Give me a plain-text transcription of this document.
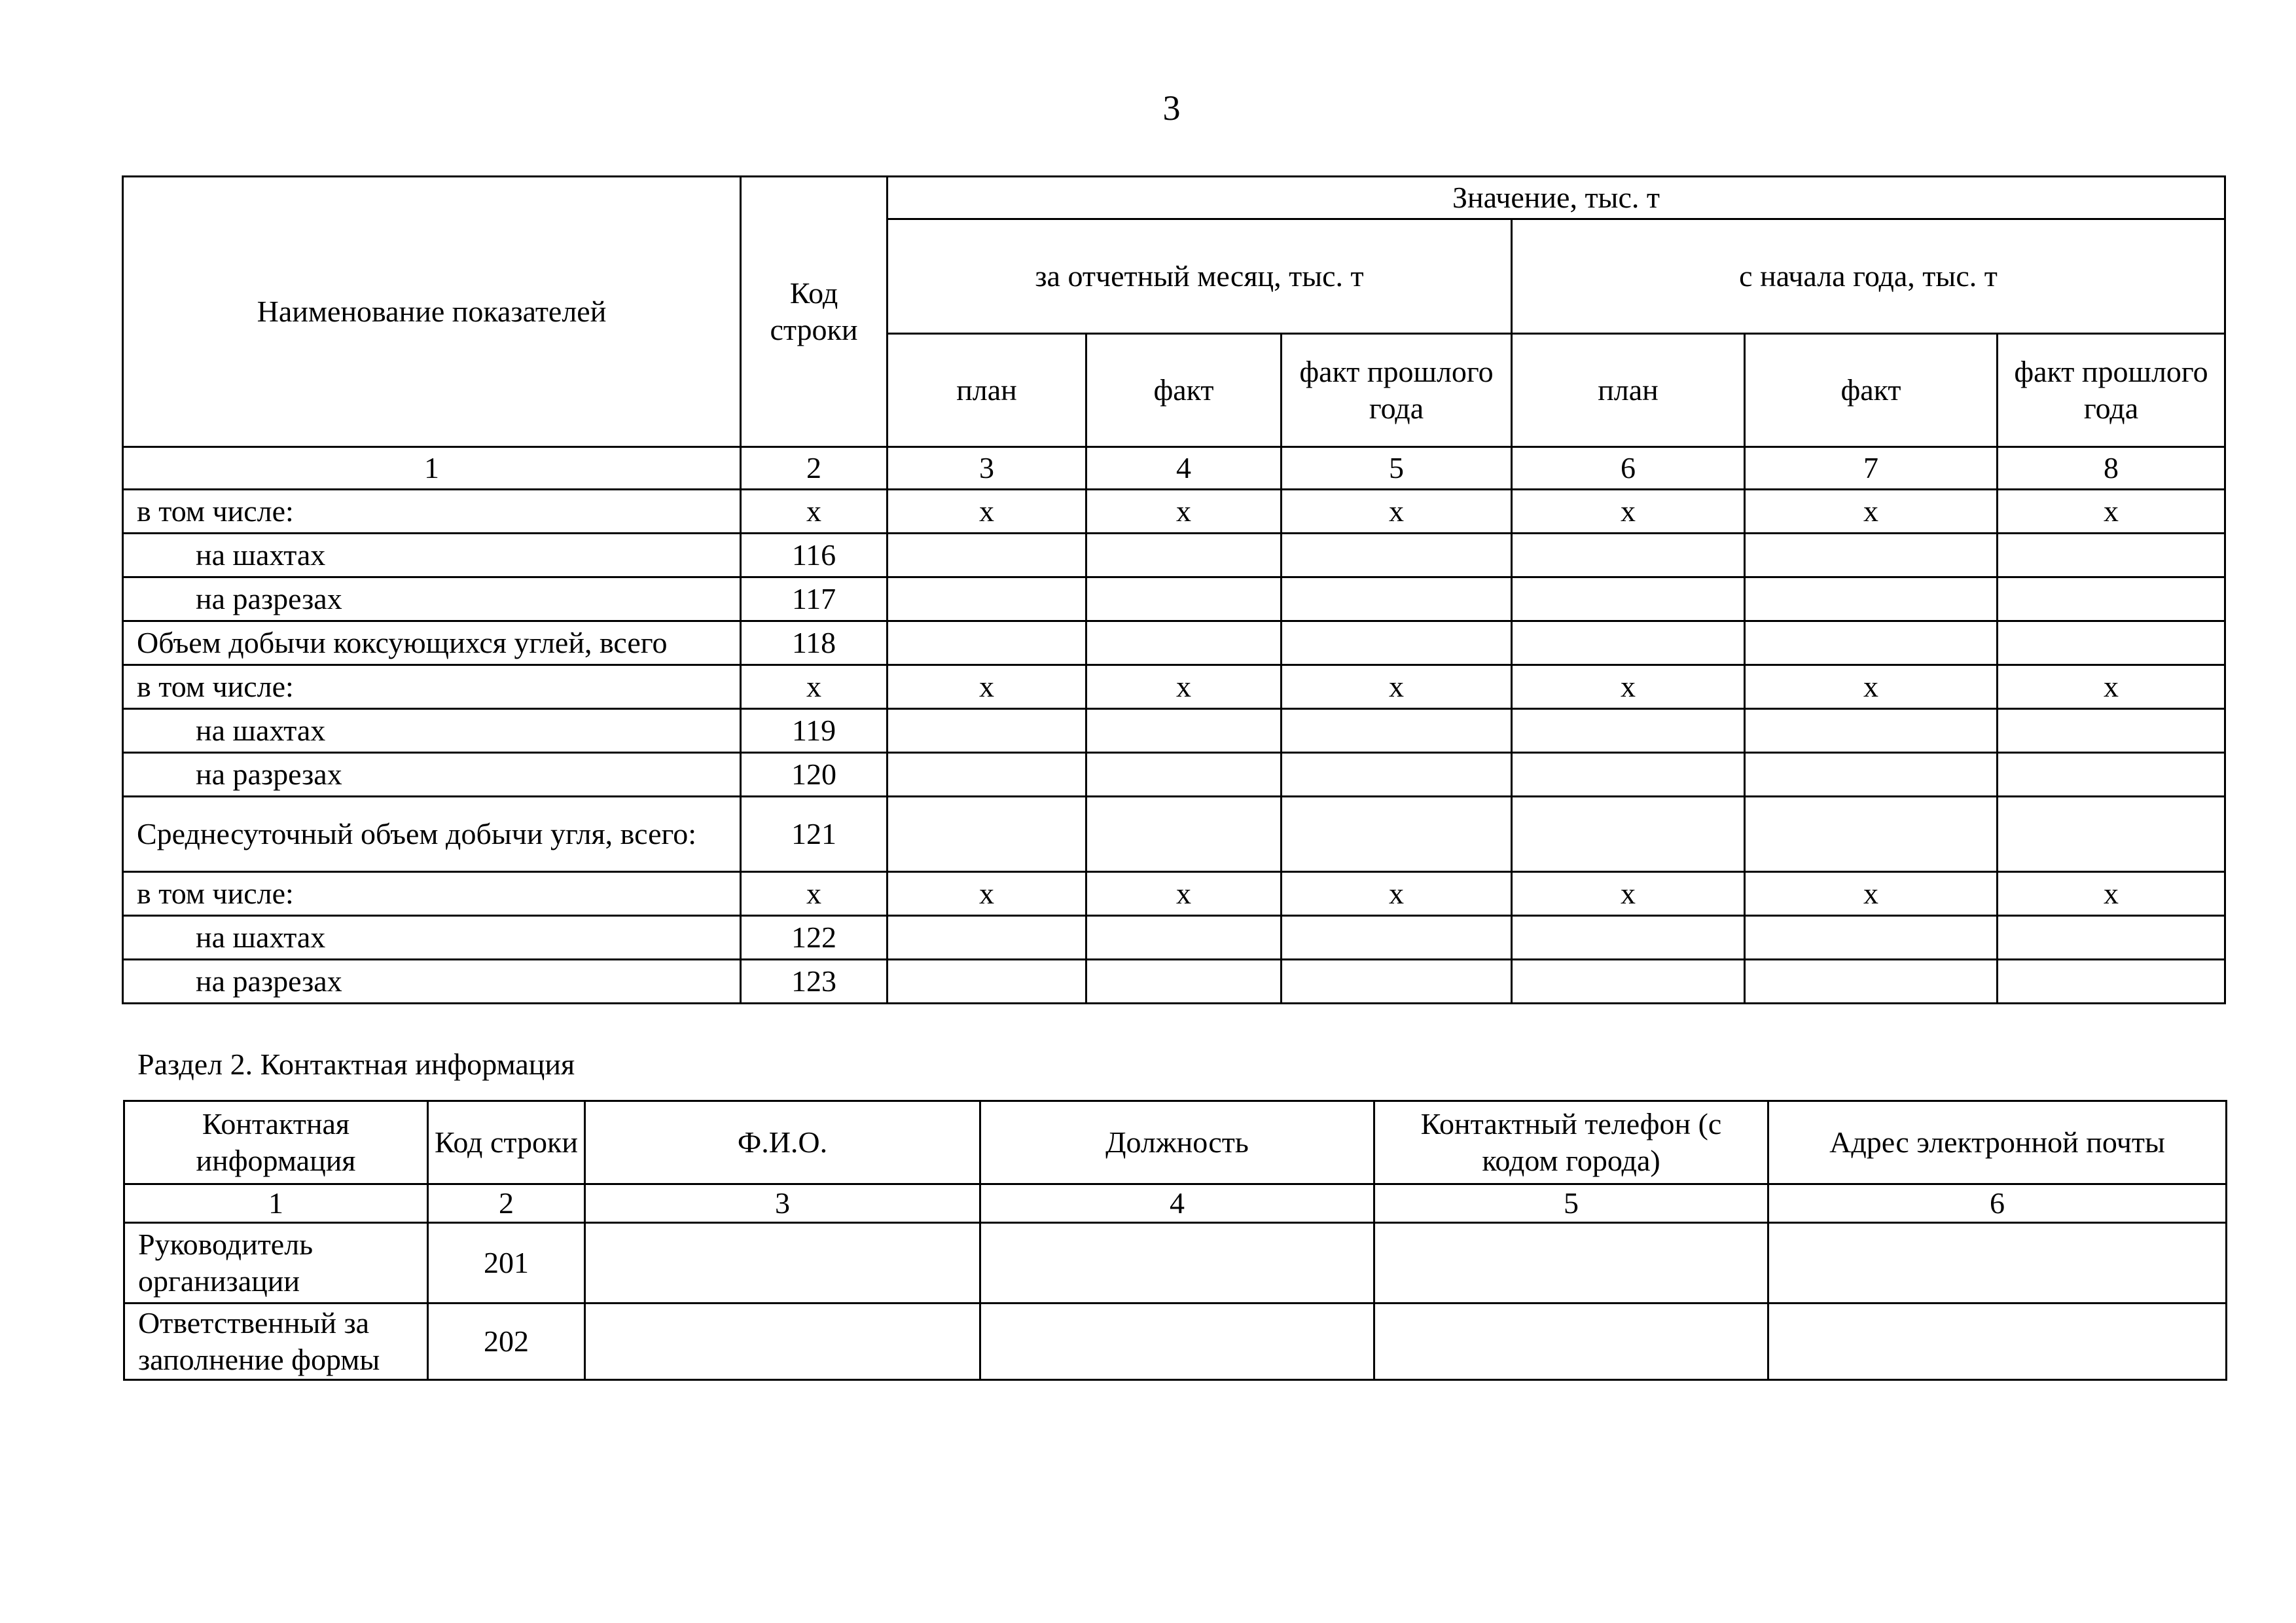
3
Наименование показателей	Код строки	Значение, тыс. т					
		за отчетный месяц, тыс. т			с начала года, тыс. т		
		план	факт	факт прошлого года	план	факт	факт прошлого года
1	2	3	4	5	6	7	8
в том числе:	x	x	x	x	x	x	x
на шахтах	116						
на разрезах	117						
Объем добычи коксующихся углей, всего	118						
в том числе:	x	x	x	x	x	x	x
на шахтах	119						
на разрезах	120						
Среднесуточный объем добычи угля, всего:	121						
в том числе:	x	x	x	x	x	x	x
на шахтах	122						
на разрезах	123						
Раздел 2. Контактная информация
Контактная информация	Код строки	Ф.И.О.	Должность	Контактный телефон (с кодом города)	Адрес электронной почты
1	2	3	4	5	6
Руководитель организации	201				
Ответственный за заполнение формы	202				
